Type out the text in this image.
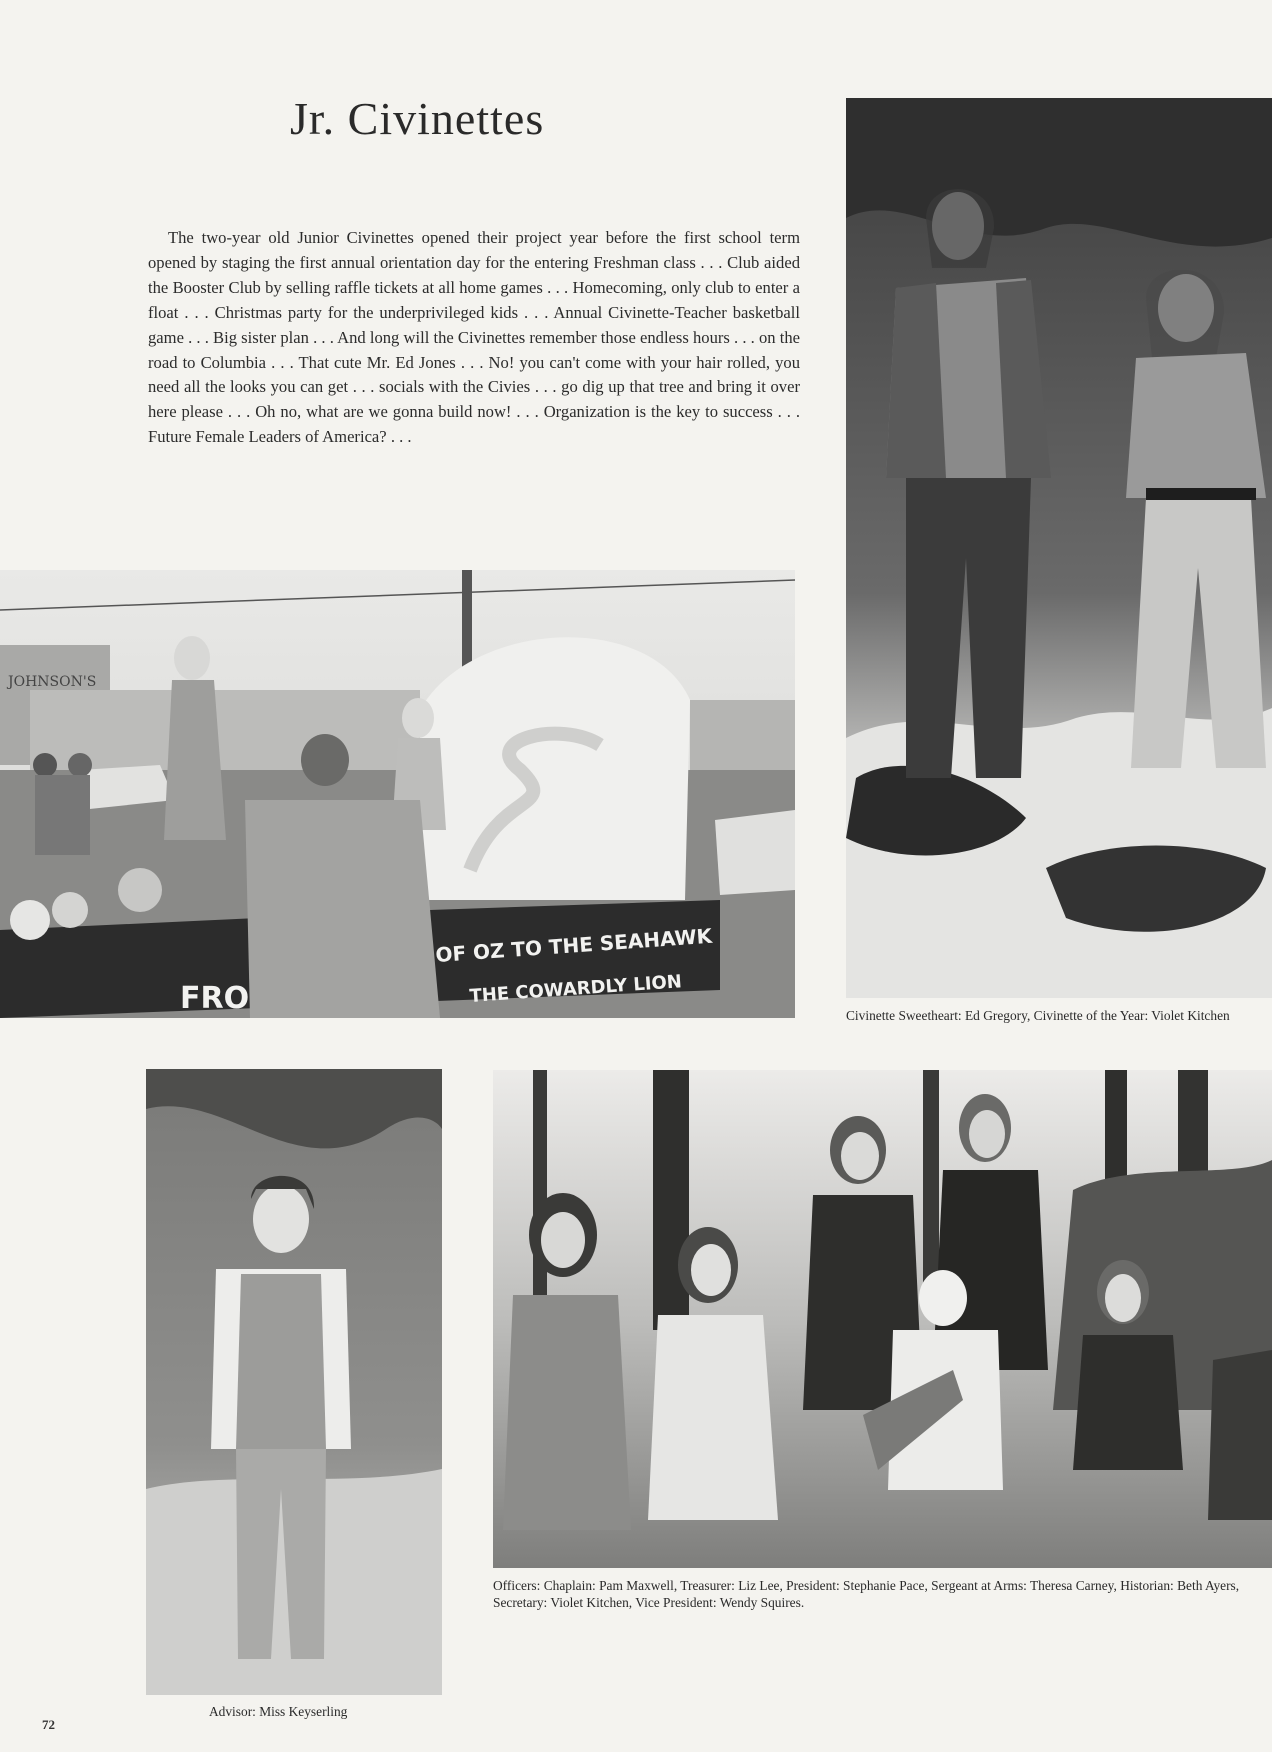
Jr. Civinettes

The two-year old Junior Civinettes opened their project year before the first school term opened by staging the first annual orientation day for the entering Freshman class . . . Club aided the Booster Club by selling raffle tickets at all home games . . . Homecoming, only club to enter a float . . . Christmas party for the underprivileged kids . . . Annual Civinette-Teacher basketball game . . . Big sister plan . . . And long will the Civinettes remember those endless hours . . . on the road to Columbia . . . That cute Mr. Ed Jones . . . No! you can't come with your hair rolled, you need all the looks you can get . . . socials with the Civies . . . go dig up that tree and bring it over here please . . . Oh no, what are we gonna build now! . . . Organization is the key to success . . . Future Female Leaders of America? . . .

Civinette Sweetheart: Ed Gregory, Civinette of the Year: Violet Kitchen
JOHNSON'S
OF OZ TO THE SEAHAWK
THE COWARDLY LION
FRO
Advisor: Miss Keyserling
Officers: Chaplain: Pam Maxwell, Treasurer: Liz Lee, President: Stephanie Pace, Sergeant at Arms: Theresa Carney, Historian: Beth Ayers, Secretary: Violet Kitchen, Vice President: Wendy Squires.
72
